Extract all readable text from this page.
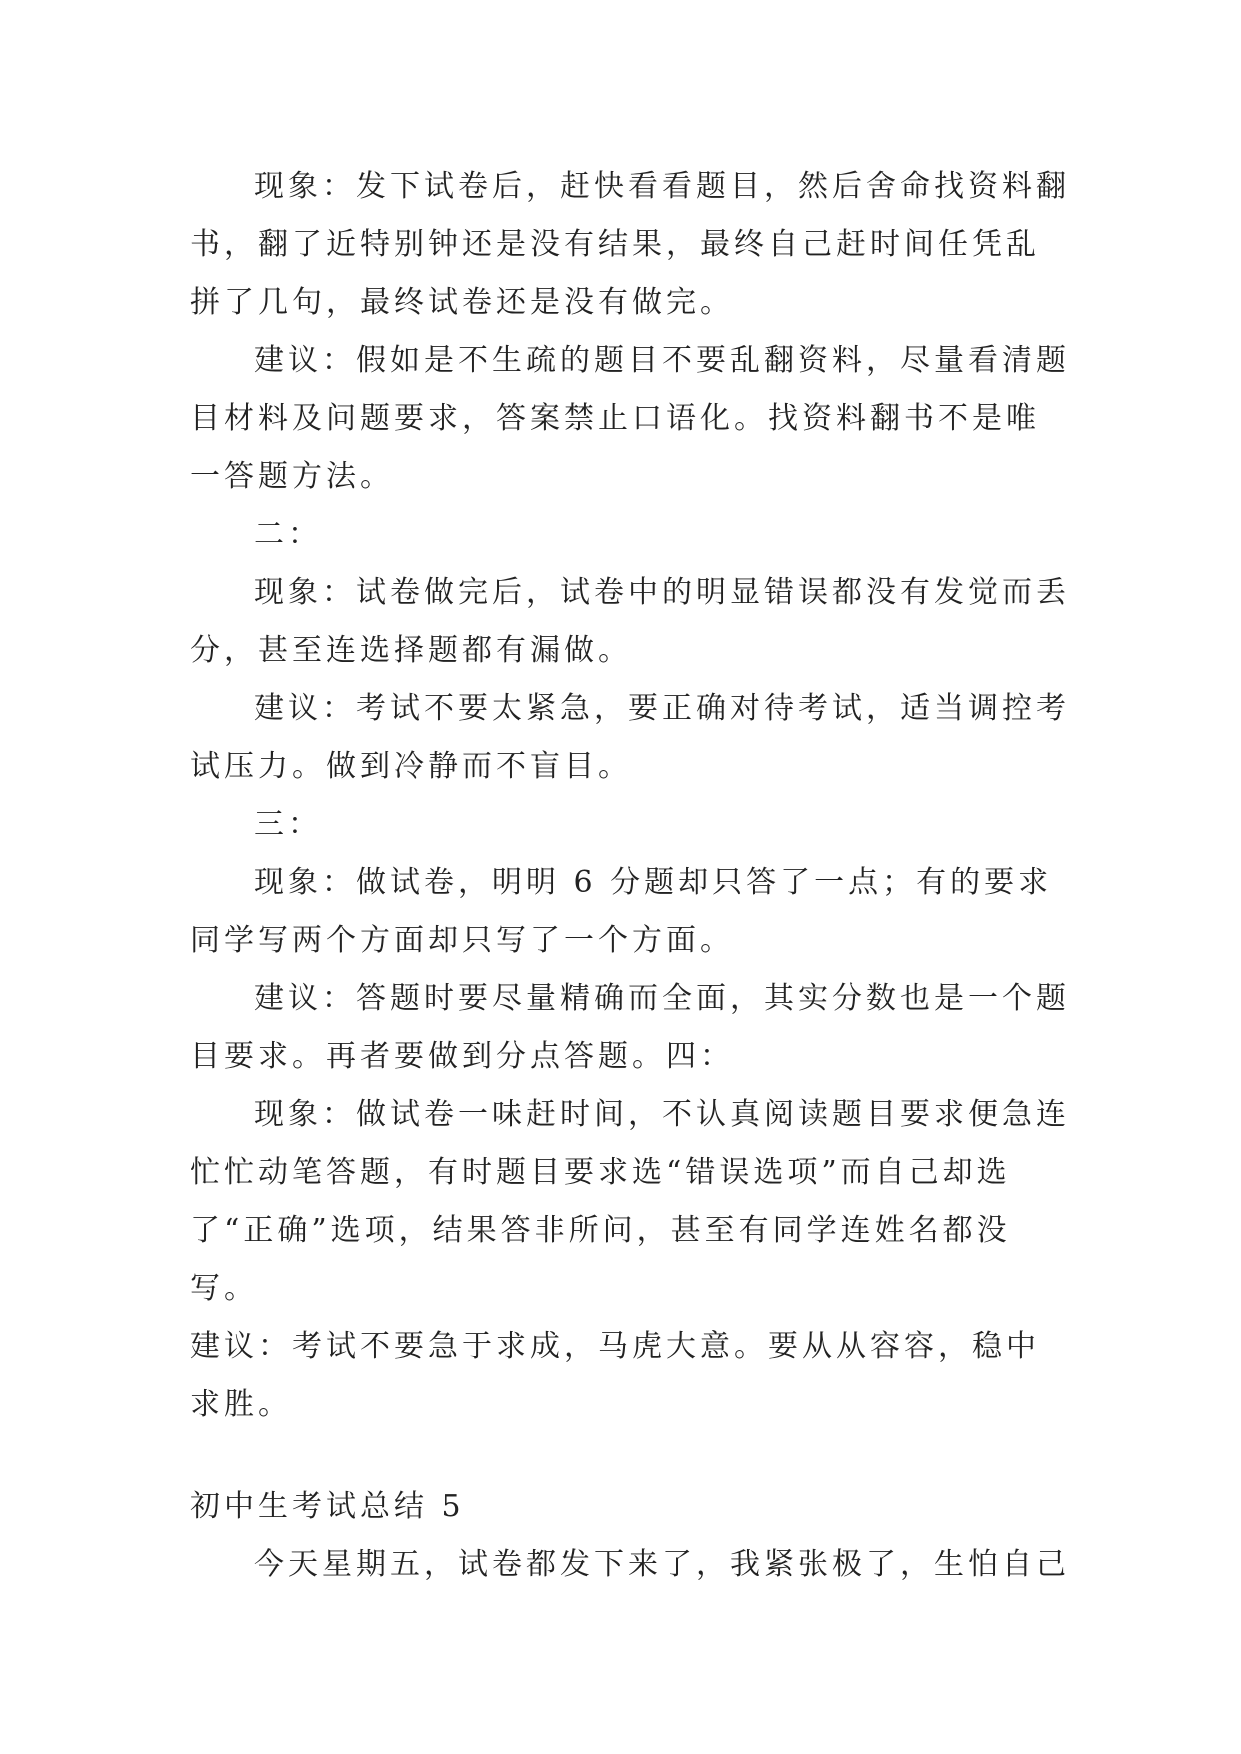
现象：发下试卷后，赶快看看题目，然后舍命找资料翻书，翻了近特别钟还是没有结果，最终自己赶时间任凭乱拼了几句，最终试卷还是没有做完。

建议：假如是不生疏的题目不要乱翻资料，尽量看清题目材料及问题要求，答案禁止口语化。找资料翻书不是唯一答题方法。

二：

现象：试卷做完后，试卷中的明显错误都没有发觉而丢分，甚至连选择题都有漏做。

建议：考试不要太紧急，要正确对待考试，适当调控考试压力。做到冷静而不盲目。

三：

现象：做试卷，明明 6 分题却只答了一点；有的要求同学写两个方面却只写了一个方面。

建议：答题时要尽量精确而全面，其实分数也是一个题目要求。再者要做到分点答题。四：

现象：做试卷一味赶时间，不认真阅读题目要求便急连忙忙动笔答题，有时题目要求选“错误选项”而自己却选了“正确”选项，结果答非所问，甚至有同学连姓名都没写。

建议：考试不要急于求成，马虎大意。要从从容容，稳中求胜。

初中生考试总结 5

今天星期五，试卷都发下来了，我紧张极了，生怕自己
